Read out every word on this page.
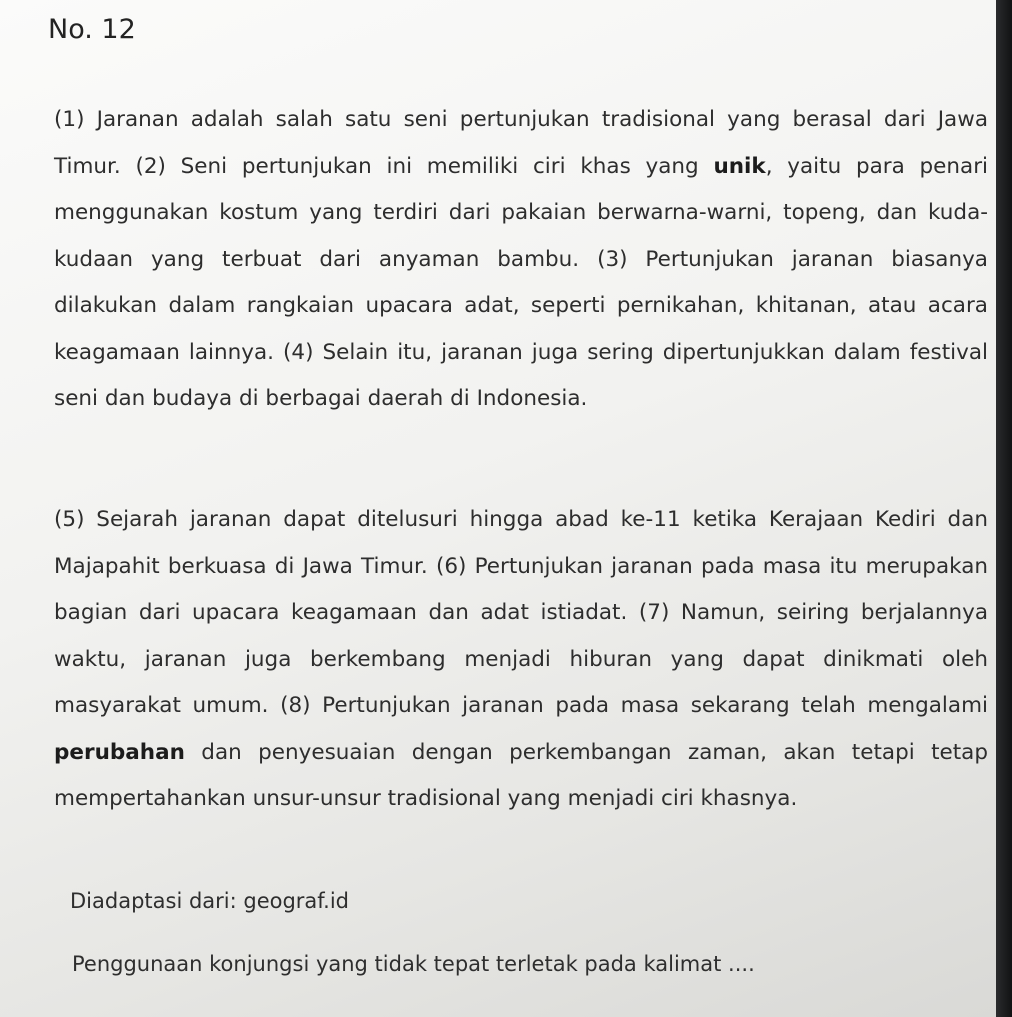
No. 12

(1) Jaranan adalah salah satu seni pertunjukan tradisional yang berasal dari Jawa Timur. (2) Seni pertunjukan ini memiliki ciri khas yang unik, yaitu para penari menggunakan kostum yang terdiri dari pakaian berwarna-warni, topeng, dan kuda-kudaan yang terbuat dari anyaman bambu. (3) Pertunjukan jaranan biasanya dilakukan dalam rangkaian upacara adat, seperti pernikahan, khitanan, atau acara keagamaan lainnya. (4) Selain itu, jaranan juga sering dipertunjukkan dalam festival seni dan budaya di berbagai daerah di Indonesia.

(5) Sejarah jaranan dapat ditelusuri hingga abad ke-11 ketika Kerajaan Kediri dan Majapahit berkuasa di Jawa Timur. (6) Pertunjukan jaranan pada masa itu merupakan bagian dari upacara keagamaan dan adat istiadat. (7) Namun, seiring berjalannya waktu, jaranan juga berkembang menjadi hiburan yang dapat dinikmati oleh masyarakat umum. (8) Pertunjukan jaranan pada masa sekarang telah mengalami perubahan dan penyesuaian dengan perkembangan zaman, akan tetapi tetap mempertahankan unsur-unsur tradisional yang menjadi ciri khasnya.

Diadaptasi dari: geograf.id

Penggunaan konjungsi yang tidak tepat terletak pada kalimat ....
